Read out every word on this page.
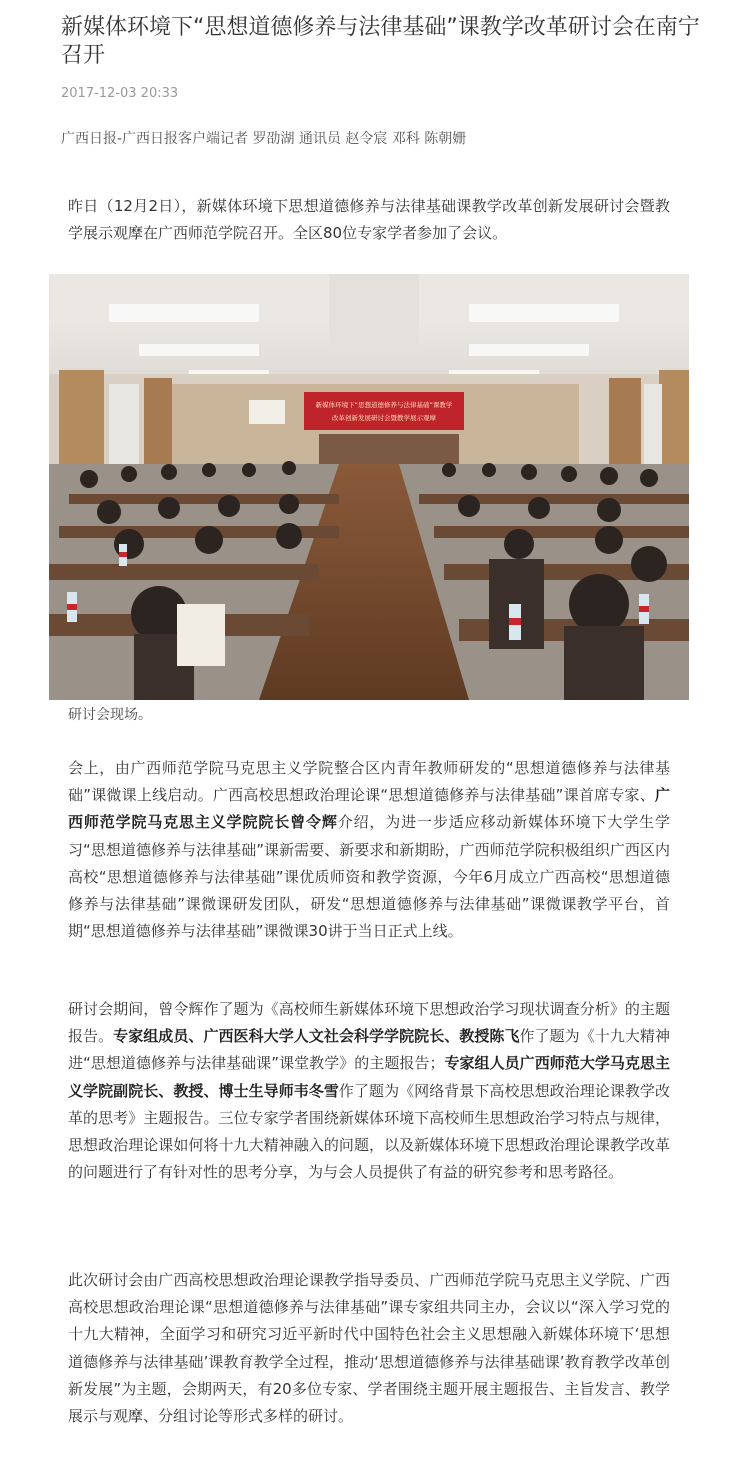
新媒体环境下“思想道德修养与法律基础”课教学改革研讨会在南宁召开
2017-12-03 20:33
广西日报-广西日报客户端记者 罗劭湖 通讯员 赵令宸 邓科 陈朝姗

昨日（12月2日），新媒体环境下思想道德修养与法律基础课教学改革创新发展研讨会暨教学展示观摩在广西师范学院召开。全区80位专家学者参加了会议。

新媒体环境下“思想道德修养与法律基础”课教学
改革创新发展研讨会暨教学展示观摩
研讨会现场。

会上，由广西师范学院马克思主义学院整合区内青年教师研发的“思想道德修养与法律基础”课微课上线启动。广西高校思想政治理论课“思想道德修养与法律基础”课首席专家、广西师范学院马克思主义学院院长曾令辉介绍，为进一步适应移动新媒体环境下大学生学习“思想道德修养与法律基础”课新需要、新要求和新期盼，广西师范学院积极组织广西区内高校“思想道德修养与法律基础”课优质师资和教学资源，今年6月成立广西高校“思想道德修养与法律基础”课微课研发团队，研发“思想道德修养与法律基础”课微课教学平台，首期“思想道德修养与法律基础”课微课30讲于当日正式上线。

研讨会期间，曾令辉作了题为《高校师生新媒体环境下思想政治学习现状调查分析》的主题报告。专家组成员、广西医科大学人文社会科学学院院长、教授陈飞作了题为《十九大精神进“思想道德修养与法律基础课”课堂教学》的主题报告；专家组人员广西师范大学马克思主义学院副院长、教授、博士生导师韦冬雪作了题为《网络背景下高校思想政治理论课教学改革的思考》主题报告。三位专家学者围绕新媒体环境下高校师生思想政治学习特点与规律，思想政治理论课如何将十九大精神融入的问题，以及新媒体环境下思想政治理论课教学改革的问题进行了有针对性的思考分享，为与会人员提供了有益的研究参考和思考路径。

此次研讨会由广西高校思想政治理论课教学指导委员、广西师范学院马克思主义学院、广西高校思想政治理论课“思想道德修养与法律基础”课专家组共同主办，会议以“深入学习党的十九大精神，全面学习和研究习近平新时代中国特色社会主义思想融入新媒体环境下‘思想道德修养与法律基础’课教育教学全过程，推动‘思想道德修养与法律基础课’教育教学改革创新发展”为主题，会期两天，有20多位专家、学者围绕主题开展主题报告、主旨发言、教学展示与观摩、分组讨论等形式多样的研讨。
